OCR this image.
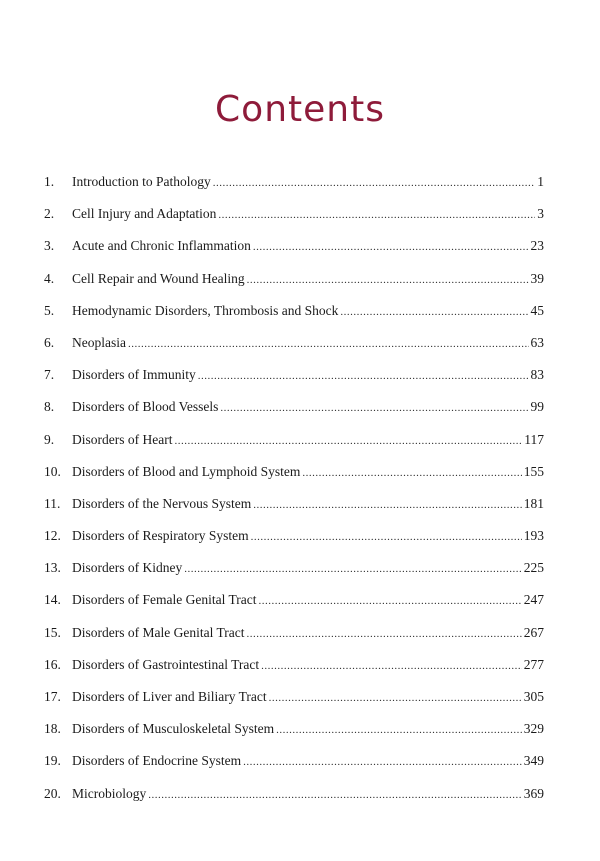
Contents
1.	Introduction to Pathology .....	1
2.	Cell Injury and Adaptation .....	3
3.	Acute and Chronic Inflammation .....	23
4.	Cell Repair and Wound Healing .....	39
5.	Hemodynamic Disorders, Thrombosis and Shock .....	45
6.	Neoplasia .....	63
7.	Disorders of Immunity .....	83
8.	Disorders of Blood Vessels .....	99
9.	Disorders of Heart .....	117
10. Disorders of Blood and Lymphoid System .....	155
11. Disorders of the Nervous System .....	181
12. Disorders of Respiratory System .....	193
13. Disorders of Kidney .....	225
14. Disorders of Female Genital Tract .....	247
15. Disorders of Male Genital Tract .....	267
16. Disorders of Gastrointestinal Tract .....	277
17. Disorders of Liver and Biliary Tract .....	305
18. Disorders of Musculoskeletal System .....	329
19. Disorders of Endocrine System .....	349
20. Microbiology .....	369
